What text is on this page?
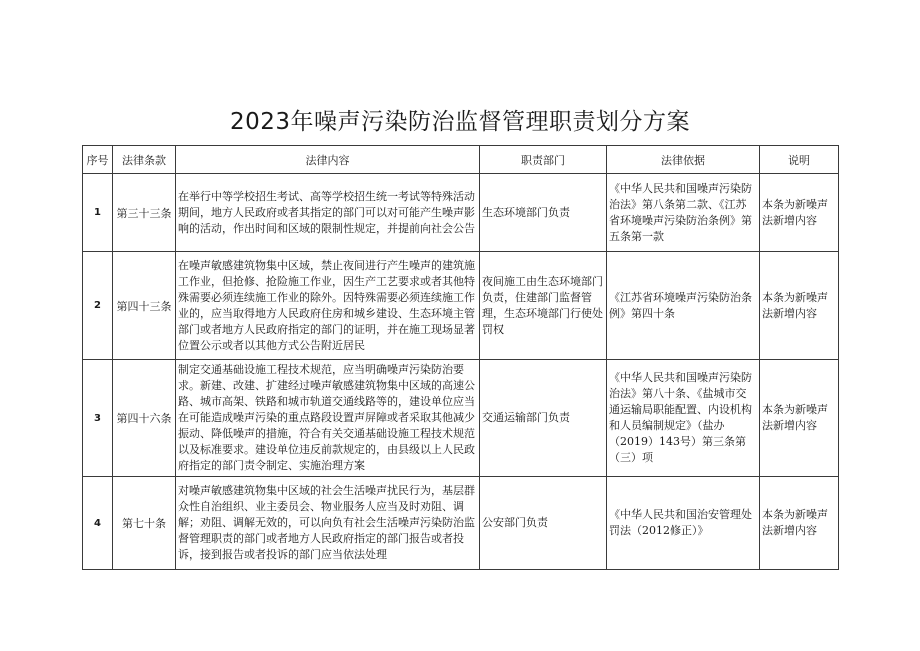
2023年噪声污染防治监督管理职责划分方案
序号	法律条款	法律内容	职责部门	法律依据	说明
1	第三十三条	在举行中等学校招生考试、高等学校招生统一考试等特殊活动期间，地方人民政府或者其指定的部门可以对可能产生噪声影响的活动，作出时间和区域的限制性规定，并提前向社会公告	生态环境部门负责	《中华人民共和国噪声污染防治法》第八条第二款、《江苏省环境噪声污染防治条例》第五条第一款	本条为新噪声法新增内容
2	第四十三条	在噪声敏感建筑物集中区域，禁止夜间进行产生噪声的建筑施工作业，但抢修、抢险施工作业，因生产工艺要求或者其他特殊需要必须连续施工作业的除外。因特殊需要必须连续施工作业的，应当取得地方人民政府住房和城乡建设、生态环境主管部门或者地方人民政府指定的部门的证明，并在施工现场显著位置公示或者以其他方式公告附近居民	夜间施工由生态环境部门负责，住建部门监督管理，生态环境部门行使处罚权	《江苏省环境噪声污染防治条例》第四十条	本条为新噪声法新增内容
3	第四十六条	制定交通基础设施工程技术规范，应当明确噪声污染防治要求。新建、改建、扩建经过噪声敏感建筑物集中区域的高速公路、城市高架、铁路和城市轨道交通线路等的，建设单位应当在可能造成噪声污染的重点路段设置声屏障或者采取其他减少振动、降低噪声的措施，符合有关交通基础设施工程技术规范以及标准要求。建设单位违反前款规定的，由县级以上人民政府指定的部门责令制定、实施治理方案	交通运输部门负责	《中华人民共和国噪声污染防治法》第八十条、《盐城市交通运输局职能配置、内设机构和人员编制规定》（盐办（2019）143号）第三条第（三）项	本条为新噪声法新增内容
4	第七十条	对噪声敏感建筑物集中区域的社会生活噪声扰民行为，基层群众性自治组织、业主委员会、物业服务人应当及时劝阻、调解；劝阻、调解无效的，可以向负有社会生活噪声污染防治监督管理职责的部门或者地方人民政府指定的部门报告或者投诉，接到报告或者投诉的部门应当依法处理	公安部门负责	《中华人民共和国治安管理处罚法（2012修正）》	本条为新噪声法新增内容
